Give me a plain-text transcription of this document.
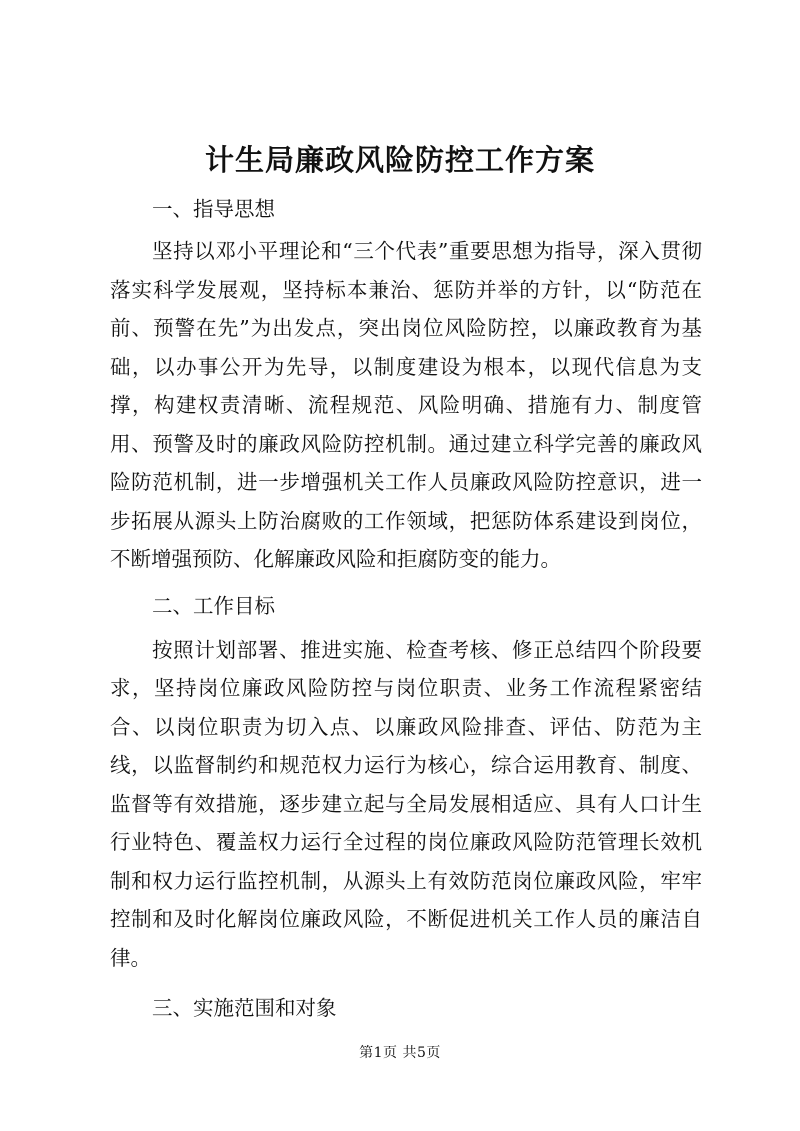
计生局廉政风险防控工作方案

一、指导思想

坚持以邓小平理论和“三个代表”重要思想为指导，深入贯彻落实科学发展观，坚持标本兼治、惩防并举的方针，以“防范在前、预警在先”为出发点，突出岗位风险防控，以廉政教育为基础，以办事公开为先导，以制度建设为根本，以现代信息为支撑，构建权责清晰、流程规范、风险明确、措施有力、制度管用、预警及时的廉政风险防控机制。通过建立科学完善的廉政风险防范机制，进一步增强机关工作人员廉政风险防控意识，进一步拓展从源头上防治腐败的工作领域，把惩防体系建设到岗位，不断增强预防、化解廉政风险和拒腐防变的能力。

二、工作目标

按照计划部署、推进实施、检查考核、修正总结四个阶段要求，坚持岗位廉政风险防控与岗位职责、业务工作流程紧密结合、以岗位职责为切入点、以廉政风险排查、评估、防范为主线，以监督制约和规范权力运行为核心，综合运用教育、制度、监督等有效措施，逐步建立起与全局发展相适应、具有人口计生行业特色、覆盖权力运行全过程的岗位廉政风险防范管理长效机制和权力运行监控机制，从源头上有效防范岗位廉政风险，牢牢控制和及时化解岗位廉政风险，不断促进机关工作人员的廉洁自律。

三、实施范围和对象

第1页 共5页
